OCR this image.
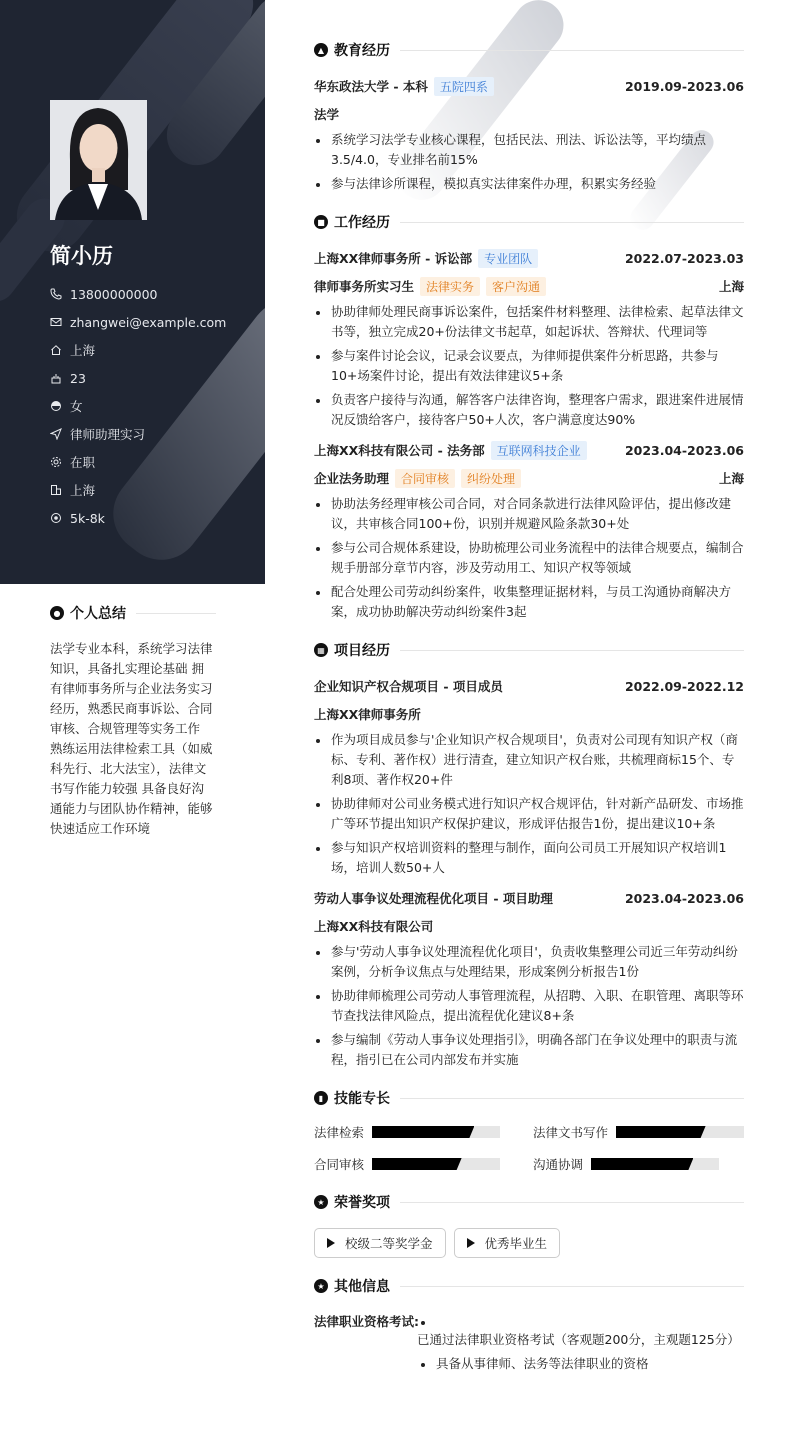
简小历
13800000000
zhangwei@example.com
上海
23
女
律师助理实习
在职
上海
5k-8k
● 个人总结
法学专业本科，系统学习法律知识，具备扎实理论基础 拥有律师事务所与企业法务实习经历，熟悉民商事诉讼、合同审核、合规管理等实务工作 熟练运用法律检索工具（如威科先行、北大法宝），法律文书写作能力较强 具备良好沟通能力与团队协作精神，能够快速适应工作环境
▲ 教育经历
华东政法大学 - 本科 五院四系	2019.09-2023.06
法学
系统学习法学专业核心课程，包括民法、刑法、诉讼法等，平均绩点3.5/4.0，专业排名前15%
参与法律诊所课程，模拟真实法律案件办理，积累实务经验
■ 工作经历
上海XX律师事务所 - 诉讼部 专业团队	2022.07-2023.03
律师事务所实习生 法律实务 客户沟通	上海
协助律师处理民商事诉讼案件，包括案件材料整理、法律检索、起草法律文书等，独立完成20+份法律文书起草，如起诉状、答辩状、代理词等
参与案件讨论会议，记录会议要点，为律师提供案件分析思路，共参与10+场案件讨论，提出有效法律建议5+条
负责客户接待与沟通，解答客户法律咨询，整理客户需求，跟进案件进展情况反馈给客户，接待客户50+人次，客户满意度达90%
上海XX科技有限公司 - 法务部 互联网科技企业	2023.04-2023.06
企业法务助理 合同审核 纠纷处理	上海
协助法务经理审核公司合同，对合同条款进行法律风险评估，提出修改建议，共审核合同100+份，识别并规避风险条款30+处
参与公司合规体系建设，协助梳理公司业务流程中的法律合规要点，编制合规手册部分章节内容，涉及劳动用工、知识产权等领域
配合处理公司劳动纠纷案件，收集整理证据材料，与员工沟通协商解决方案，成功协助解决劳动纠纷案件3起
▦ 项目经历
企业知识产权合规项目 - 项目成员	2022.09-2022.12
上海XX律师事务所
作为项目成员参与'企业知识产权合规项目'，负责对公司现有知识产权（商标、专利、著作权）进行清查，建立知识产权台账，共梳理商标15个、专利8项、著作权20+件
协助律师对公司业务模式进行知识产权合规评估，针对新产品研发、市场推广等环节提出知识产权保护建议，形成评估报告1份，提出建议10+条
参与知识产权培训资料的整理与制作，面向公司员工开展知识产权培训1场，培训人数50+人
劳动人事争议处理流程优化项目 - 项目助理	2023.04-2023.06
上海XX科技有限公司
参与'劳动人事争议处理流程优化项目'，负责收集整理公司近三年劳动纠纷案例，分析争议焦点与处理结果，形成案例分析报告1份
协助律师梳理公司劳动人事管理流程，从招聘、入职、在职管理、离职等环节查找法律风险点，提出流程优化建议8+条
参与编制《劳动人事争议处理指引》，明确各部门在争议处理中的职责与流程，指引已在公司内部发布并实施
▮ 技能专长
法律检索	法律文书写作
合同审核	沟通协调
★ 荣誉奖项
校级二等奖学金	优秀毕业生
★ 其他信息
法律职业资格考试:
已通过法律职业资格考试（客观题200分，主观题125分）
具备从事律师、法务等法律职业的资格
